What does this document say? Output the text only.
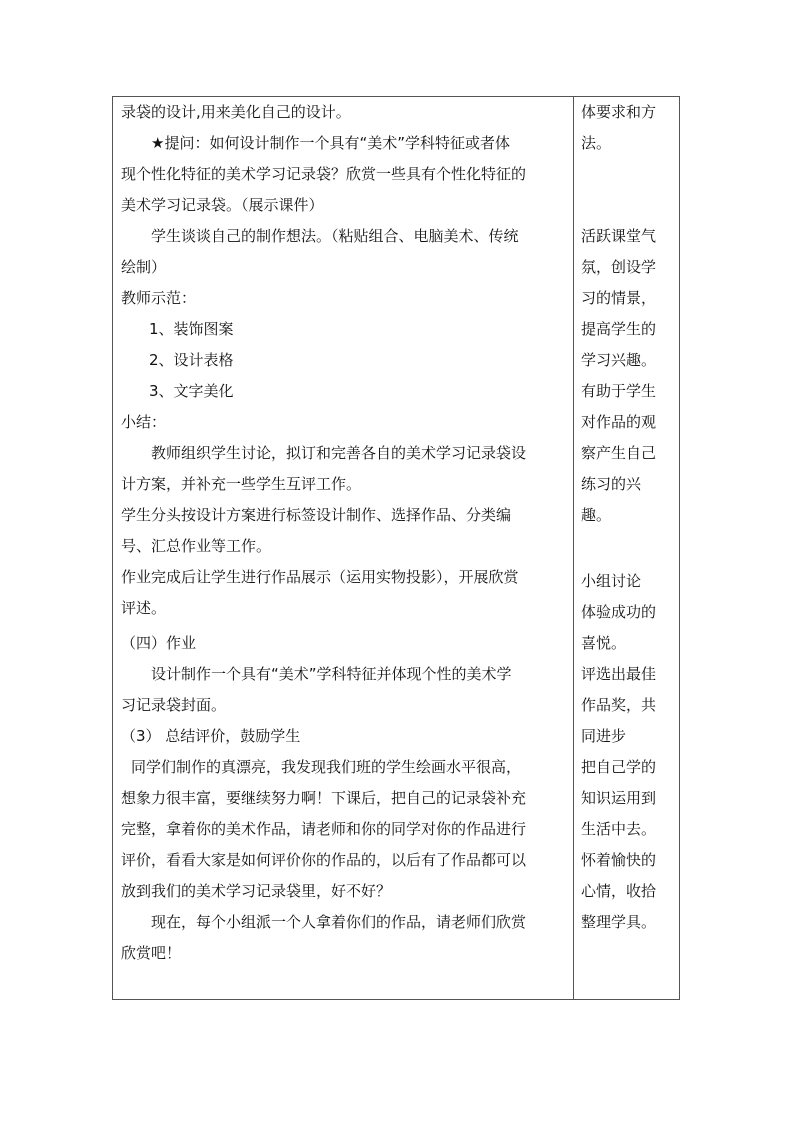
录袋的设计,用来美化自己的设计。
★提问：如何设计制作一个具有“美术”学科特征或者体
现个性化特征的美术学习记录袋？欣赏一些具有个性化特征的
美术学习记录袋。（展示课件）
学生谈谈自己的制作想法。（粘贴组合、电脑美术、传统
绘制）
教师示范：
1、装饰图案
2、设计表格
3、文字美化
小结：
教师组织学生讨论，拟订和完善各自的美术学习记录袋设
计方案，并补充一些学生互评工作。
学生分头按设计方案进行标签设计制作、选择作品、分类编
号、汇总作业等工作。
作业完成后让学生进行作品展示（运用实物投影），开展欣赏
评述。
（四）作业
设计制作一个具有“美术”学科特征并体现个性的美术学
习记录袋封面。
（3） 总结评价，鼓励学生
同学们制作的真漂亮，我发现我们班的学生绘画水平很高，
想象力很丰富，要继续努力啊！下课后，把自己的记录袋补充
完整，拿着你的美术作品，请老师和你的同学对你的作品进行
评价，看看大家是如何评价你的作品的，以后有了作品都可以
放到我们的美术学习记录袋里，好不好？
现在，每个小组派一个人拿着你们的作品，请老师们欣赏
欣赏吧！
体要求和方
法。
活跃课堂气
氛，创设学
习的情景，
提高学生的
学习兴趣。
有助于学生
对作品的观
察产生自己
练习的兴
趣。
小组讨论
体验成功的
喜悦。
评选出最佳
作品奖，共
同进步
把自己学的
知识运用到
生活中去。
怀着愉快的
心情，收拾
整理学具。
